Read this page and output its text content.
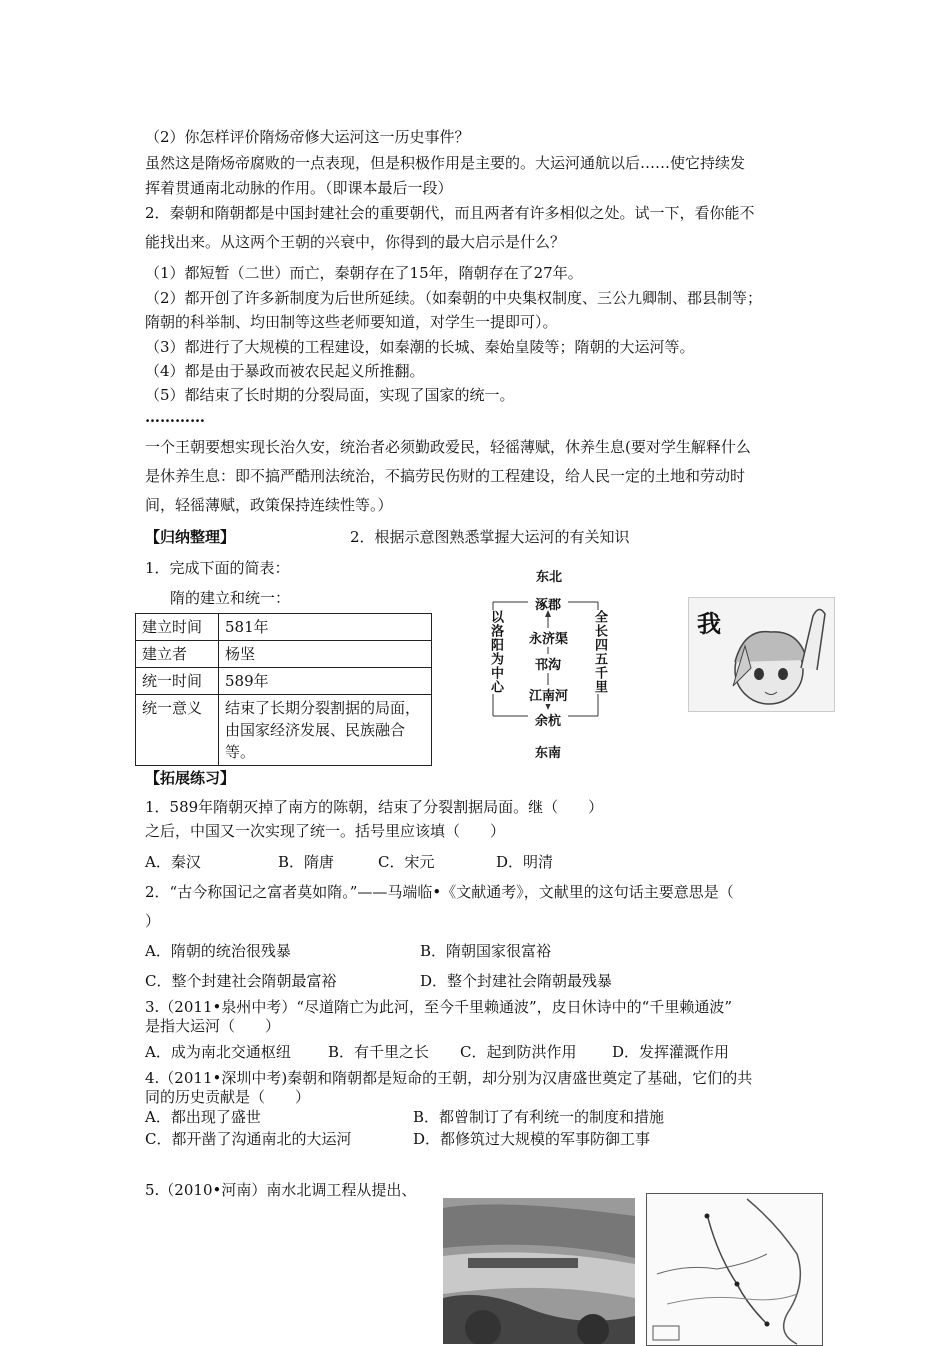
（2）你怎样评价隋炀帝修大运河这一历史事件？
虽然这是隋炀帝腐败的一点表现，但是积极作用是主要的。大运河通航以后……使它持续发
挥着贯通南北动脉的作用。（即课本最后一段）
2．秦朝和隋朝都是中国封建社会的重要朝代，而且两者有许多相似之处。试一下，看你能不
能找出来。从这两个王朝的兴衰中，你得到的最大启示是什么？
（1）都短暂（二世）而亡，秦朝存在了15年，隋朝存在了27年。
（2）都开创了许多新制度为后世所延续。（如秦朝的中央集权制度、三公九卿制、郡县制等；
隋朝的科举制、均田制等这些老师要知道，对学生一提即可）。
（3）都进行了大规模的工程建设，如秦潮的长城、秦始皇陵等；隋朝的大运河等。
（4）都是由于暴政而被农民起义所推翻。
（5）都结束了长时期的分裂局面，实现了国家的统一。
…………
一个王朝要想实现长治久安，统治者必须勤政爱民，轻徭薄赋，休养生息(要对学生解释什么
是休养生息：即不搞严酷刑法统治，不搞劳民伤财的工程建设，给人民一定的土地和劳动时
间，轻徭薄赋，政策保持连续性等。）
【归纳整理】	2．根据示意图熟悉掌握大运河的有关知识
1．完成下面的简表：
隋的建立和统一：
建立时间	581年
建立者	杨坚
统一时间	589年
统一意义	结束了长期分裂割据的局面，由国家经济发展、民族融合等。
东北
涿郡
永济渠
邗沟
江南河
余杭
东南
以洛阳为中心	全长四五千里	我
【拓展练习】
1．589年隋朝灭掉了南方的陈朝，结束了分裂割据局面。继（　　）
之后，中国又一次实现了统一。括号里应该填（　　）
A．秦汉	B．隋唐	C．宋元	D．明清
2．“古今称国记之富者莫如隋。”——马端临•《文献通考》，文献里的这句话主要意思是（
）
A．隋朝的统治很残暴	B．隋朝国家很富裕
C．整个封建社会隋朝最富裕	D．整个封建社会隋朝最残暴
3.（2011•泉州中考）“尽道隋亡为此河，至今千里赖通波”，皮日休诗中的“千里赖通波”
是指大运河（　　）
A．成为南北交通枢纽 B．有千里之长 C．起到防洪作用 D．发挥灌溉作用
4.（2011•深圳中考)秦朝和隋朝都是短命的王朝，却分别为汉唐盛世奠定了基础，它们的共
同的历史贡献是（　　）
A．都出现了盛世	B．都曾制订了有利统一的制度和措施
C．都开凿了沟通南北的大运河	D．都修筑过大规模的军事防御工事
5.（2010•河南）南水北调工程从提出、
